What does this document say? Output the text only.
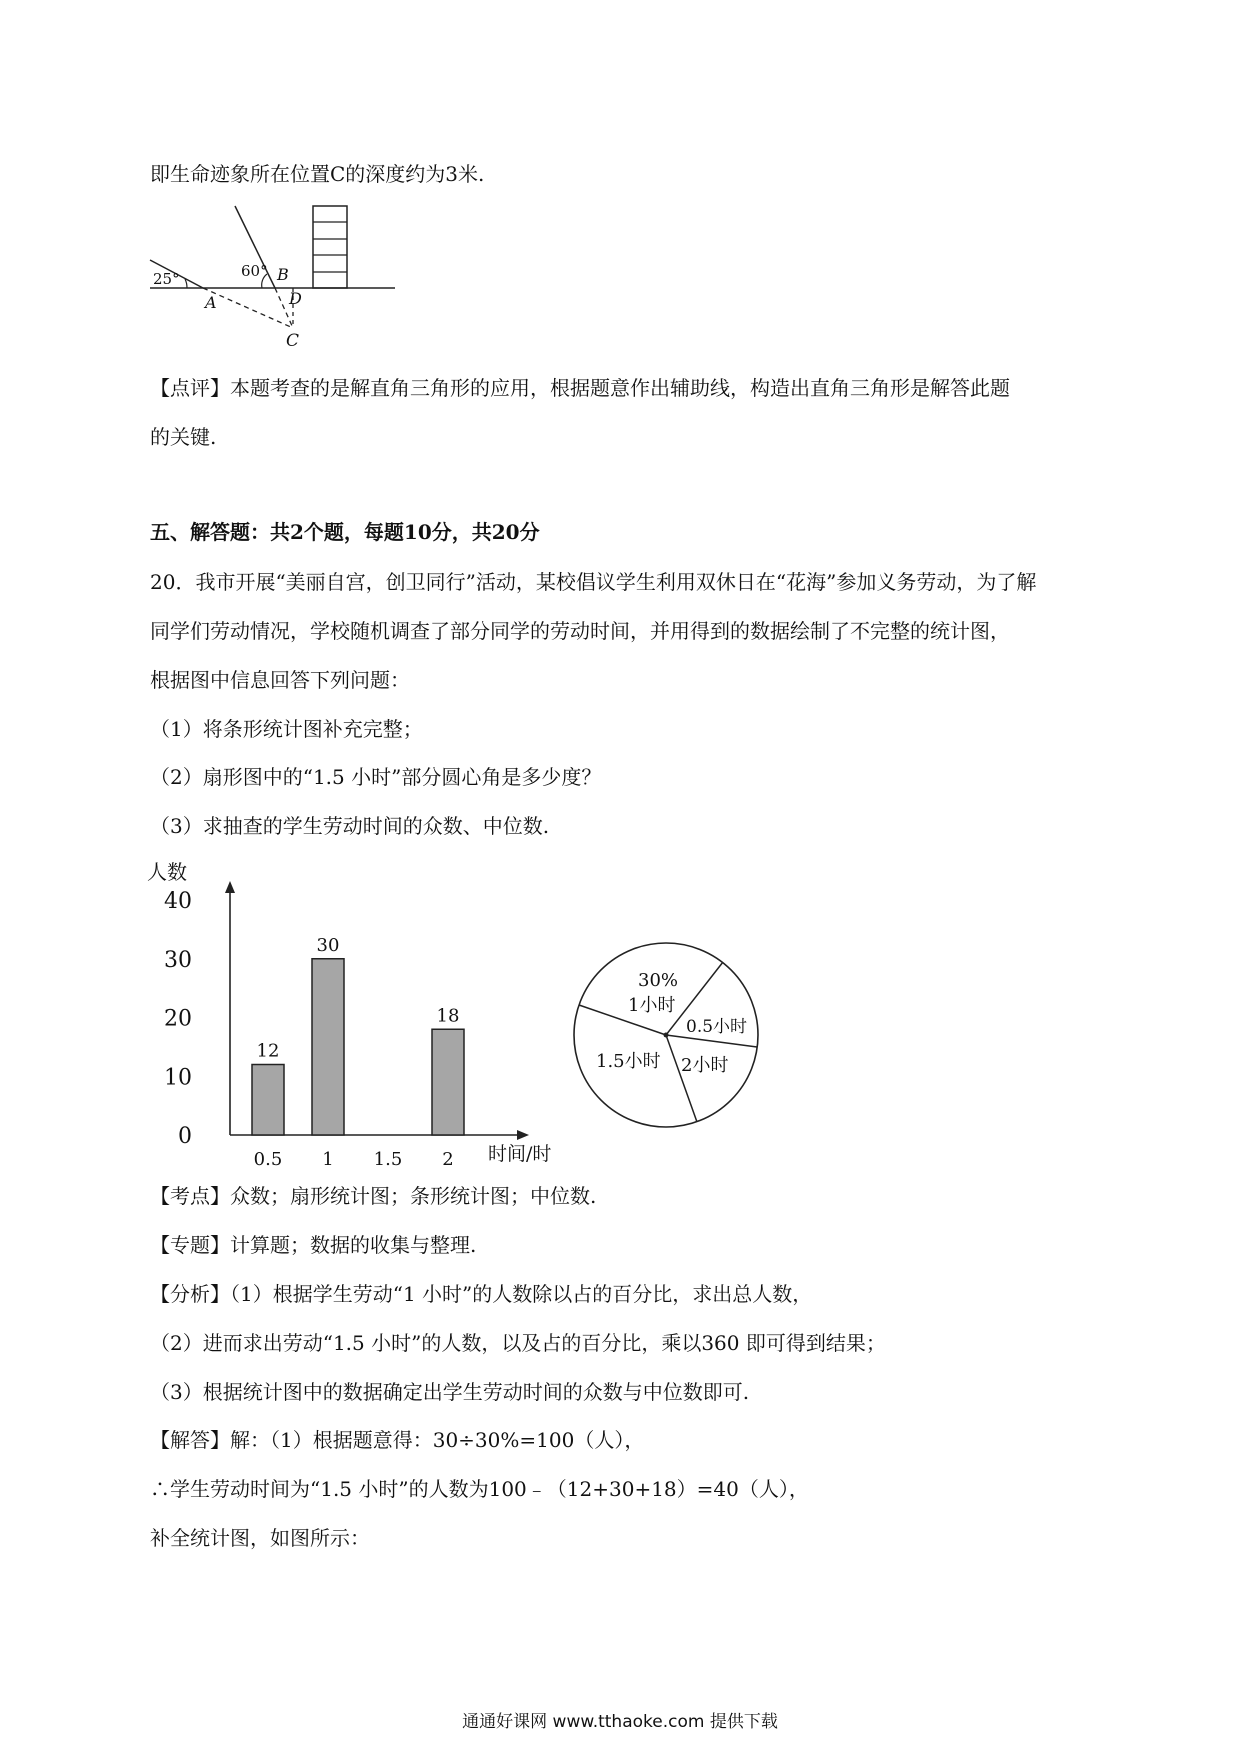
即生命迹象所在位置C的深度约为3米.
25°	60° B
A	D
C
【点评】本题考查的是解直角三角形的应用，根据题意作出辅助线，构造出直角三角形是解答此题
的关键.
五、解答题：共2个题，每题10分，共20分
20．我市开展“美丽自宫，创卫同行”活动，某校倡议学生利用双休日在“花海”参加义务劳动，为了解
同学们劳动情况，学校随机调查了部分同学的劳动时间，并用得到的数据绘制了不完整的统计图，
根据图中信息回答下列问题：
（1）将条形统计图补充完整；
（2）扇形图中的“1.5 小时”部分圆心角是多少度？
（3）求抽查的学生劳动时间的众数、中位数.
人数
时间/时
0
10
20
30
40
0.5
12
1
30
1.5 2
18
30%
1小时
0.5小时
2小时
1.5小时
【考点】众数；扇形统计图；条形统计图；中位数.
【专题】计算题；数据的收集与整理.
【分析】（1）根据学生劳动“1 小时”的人数除以占的百分比，求出总人数，
（2）进而求出劳动“1.5 小时”的人数，以及占的百分比，乘以360 即可得到结果；
（3）根据统计图中的数据确定出学生劳动时间的众数与中位数即可.
【解答】解：（1）根据题意得：30÷30%=100（人），
∴学生劳动时间为“1.5 小时”的人数为100﹣（12+30+18）=40（人），
补全统计图，如图所示：
通通好课网 www.tthaoke.com 提供下载
